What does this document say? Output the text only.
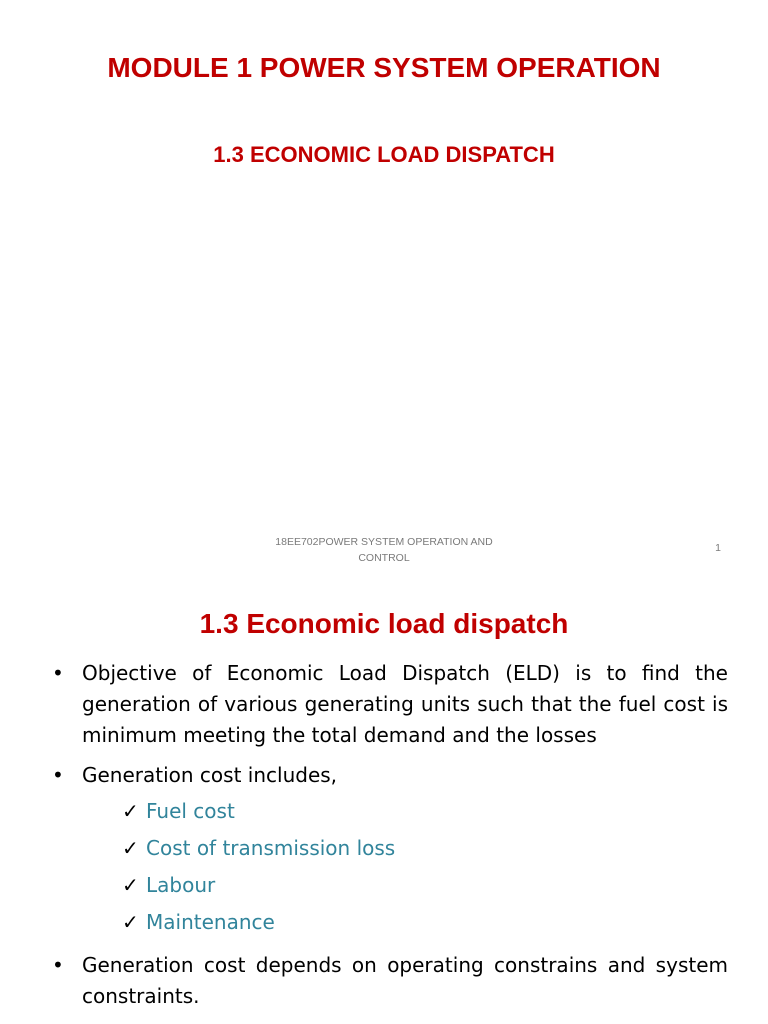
MODULE 1 POWER SYSTEM OPERATION
1.3 ECONOMIC LOAD DISPATCH
18EE702POWER SYSTEM OPERATION AND
CONTROL
1
1.3 Economic load dispatch
• Objective of Economic Load Dispatch (ELD) is to find the generation of various generating units such that the fuel cost is minimum meeting the total demand and the losses
• Generation cost includes,
✓ Fuel cost
✓ Cost of transmission loss
✓ Labour
✓ Maintenance
• Generation cost depends on operating constrains and system constraints.
